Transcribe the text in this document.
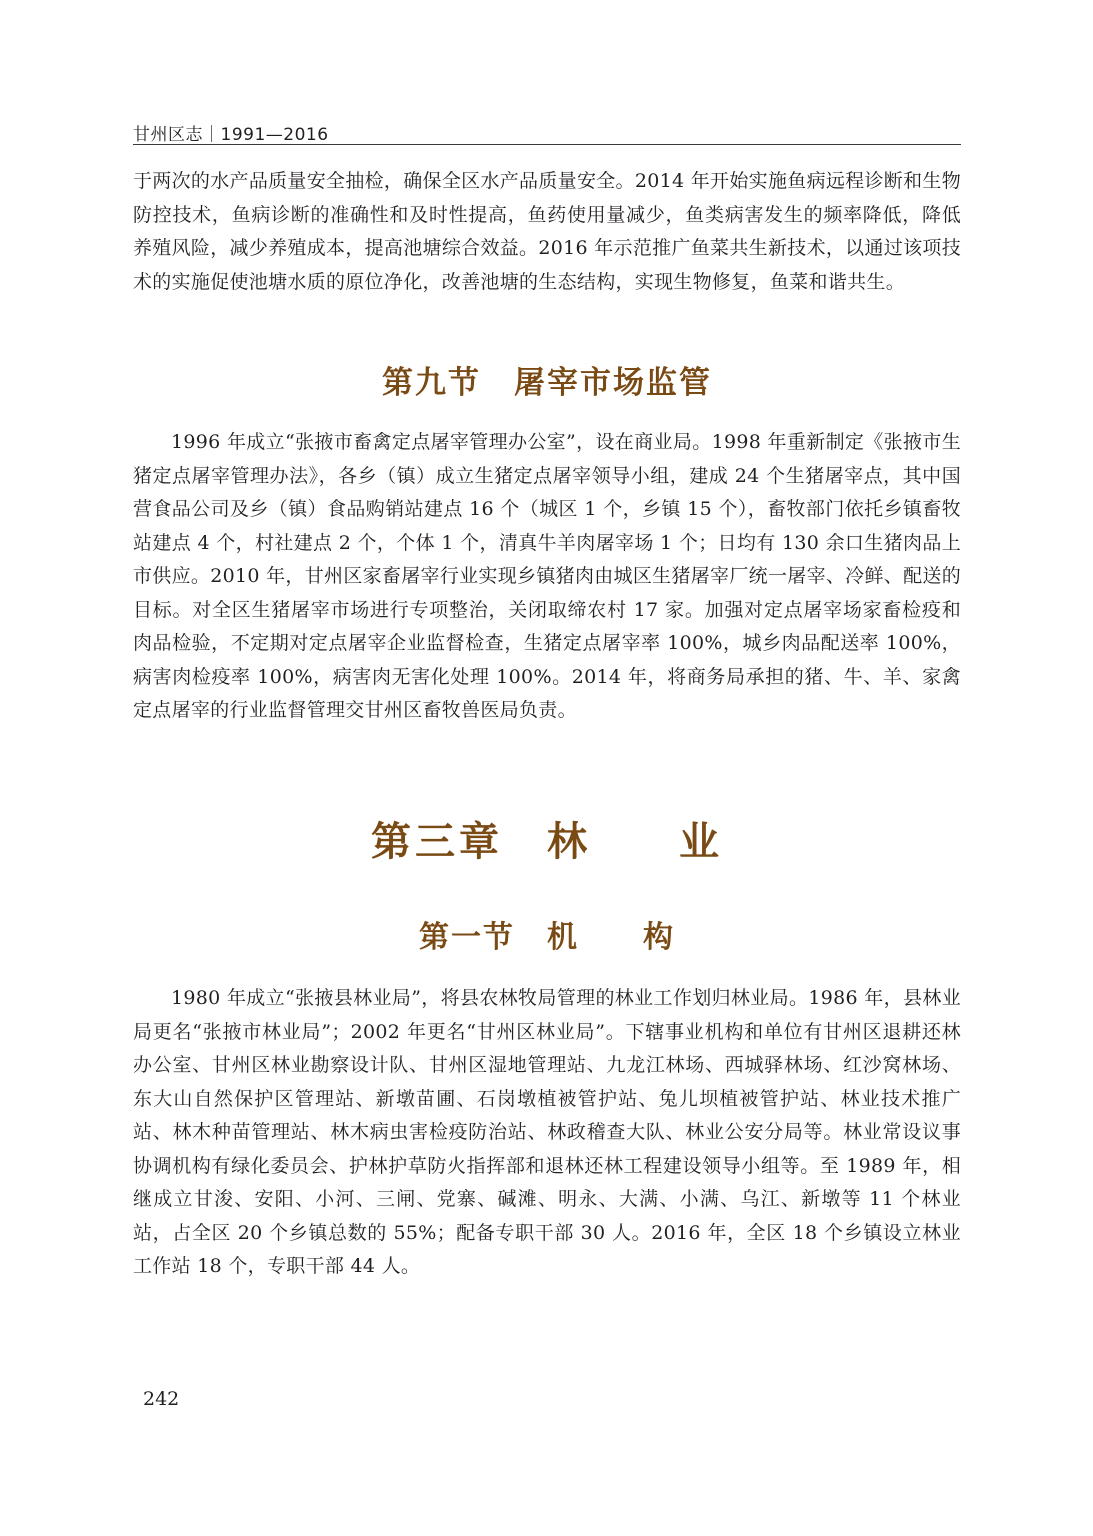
甘州区志｜1991—2016

于两次的水产品质量安全抽检，确保全区水产品质量安全。2014 年开始实施鱼病远程诊断和生物防控技术，鱼病诊断的准确性和及时性提高，鱼药使用量减少，鱼类病害发生的频率降低，降低养殖风险，减少养殖成本，提高池塘综合效益。2016 年示范推广鱼菜共生新技术，以通过该项技术的实施促使池塘水质的原位净化，改善池塘的生态结构，实现生物修复，鱼菜和谐共生。

第九节　屠宰市场监管

1996 年成立“张掖市畜禽定点屠宰管理办公室”，设在商业局。1998 年重新制定《张掖市生猪定点屠宰管理办法》，各乡（镇）成立生猪定点屠宰领导小组，建成 24 个生猪屠宰点，其中国营食品公司及乡（镇）食品购销站建点 16 个（城区 1 个，乡镇 15 个），畜牧部门依托乡镇畜牧站建点 4 个，村社建点 2 个，个体 1 个，清真牛羊肉屠宰场 1 个；日均有 130 余口生猪肉品上市供应。2010 年，甘州区家畜屠宰行业实现乡镇猪肉由城区生猪屠宰厂统一屠宰、冷鲜、配送的目标。对全区生猪屠宰市场进行专项整治，关闭取缔农村 17 家。加强对定点屠宰场家畜检疫和肉品检验，不定期对定点屠宰企业监督检查，生猪定点屠宰率 100%，城乡肉品配送率 100%，病害肉检疫率 100%，病害肉无害化处理 100%。2014 年，将商务局承担的猪、牛、羊、家禽定点屠宰的行业监督管理交甘州区畜牧兽医局负责。

第三章　林　　业
第一节　机　　构

1980 年成立“张掖县林业局”，将县农林牧局管理的林业工作划归林业局。1986 年，县林业局更名“张掖市林业局”；2002 年更名“甘州区林业局”。下辖事业机构和单位有甘州区退耕还林办公室、甘州区林业勘察设计队、甘州区湿地管理站、九龙江林场、西城驿林场、红沙窝林场、东大山自然保护区管理站、新墩苗圃、石岗墩植被管护站、兔儿坝植被管护站、林业技术推广站、林木种苗管理站、林木病虫害检疫防治站、林政稽查大队、林业公安分局等。林业常设议事协调机构有绿化委员会、护林护草防火指挥部和退林还林工程建设领导小组等。至 1989 年，相继成立甘浚、安阳、小河、三闸、党寨、碱滩、明永、大满、小满、乌江、新墩等 11 个林业站，占全区 20 个乡镇总数的 55%；配备专职干部 30 人。2016 年，全区 18 个乡镇设立林业工作站 18 个，专职干部 44 人。

242
